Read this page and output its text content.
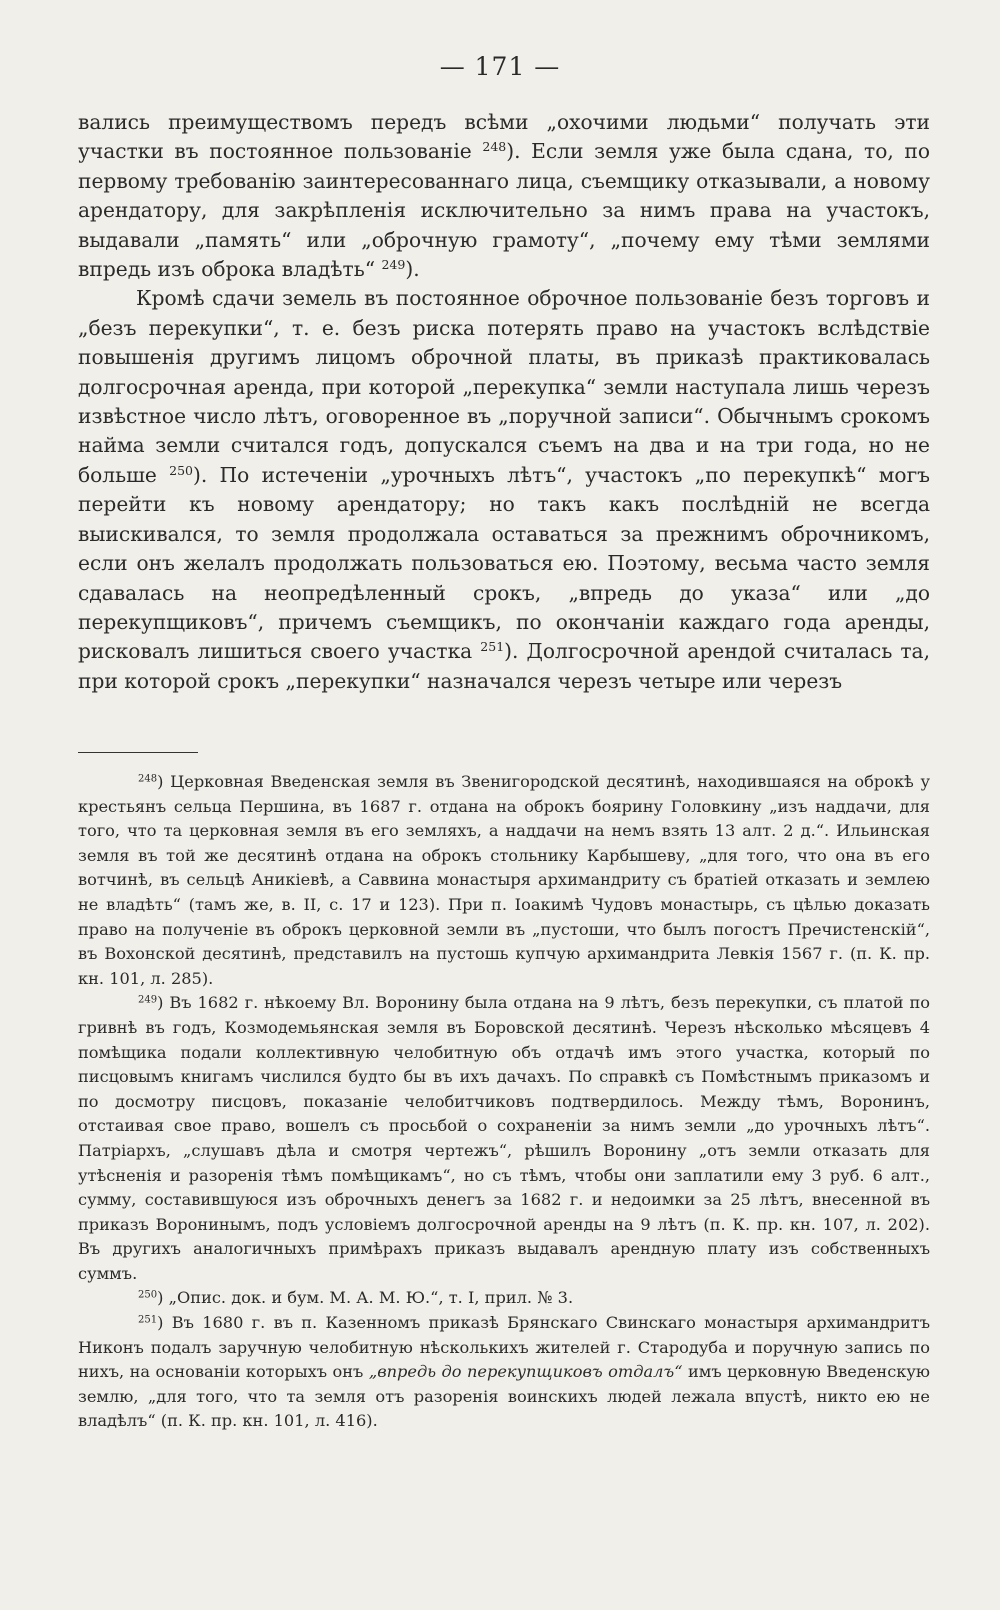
— 171 —

вались преимуществомъ передъ всѣми „охочими людьми“ получать эти участки въ постоянное пользованіе $^{248}$). Если земля уже была сдана, то, по первому требованію заинтересованнаго лица, съемщику отказывали, а новому арендатору, для закрѣпленія исключительно за нимъ права на участокъ, выдавали „память“ или „оброчную грамоту“, „почему ему тѣми землями впредь изъ оброка владѣть“ $^{249}$).

Кромѣ сдачи земель въ постоянное оброчное пользованіе безъ торговъ и „безъ перекупки“, т. е. безъ риска потерять право на участокъ вслѣдствіе повышенія другимъ лицомъ оброчной платы, въ приказѣ практиковалась долгосрочная аренда, при которой „перекупка“ земли наступала лишь черезъ извѣстное число лѣтъ, оговоренное въ „поручной записи“. Обычнымъ срокомъ найма земли считался годъ, допускался съемъ на два и на три года, но не больше $^{250}$). По истеченіи „урочныхъ лѣтъ“, участокъ „по перекупкѣ“ могъ перейти къ новому арендатору; но такъ какъ послѣдній не всегда выискивался, то земля продолжала оставаться за прежнимъ оброчникомъ, если онъ желалъ продолжать пользоваться ею. Поэтому, весьма часто земля сдавалась на неопредѣленный срокъ, „впредь до указа“ или „до перекупщиковъ“, причемъ съемщикъ, по окончаніи каждаго года аренды, рисковалъ лишиться своего участка $^{251}$). Долгосрочной арендой считалась та, при которой срокъ „перекупки“ назначался черезъ четыре или черезъ

$^{248}$) Церковная Введенская земля въ Звенигородской десятинѣ, находившаяся на оброкѣ у крестьянъ сельца Першина, въ 1687 г. отдана на оброкъ боярину Головкину „изъ наддачи, для того, что та церковная земля въ его земляхъ, а наддачи на немъ взять 13 алт. 2 д.“. Ильинская земля въ той же десятинѣ отдана на оброкъ стольнику Карбышеву, „для того, что она въ его вотчинѣ, въ сельцѣ Аникіевѣ, а Саввина монастыря архимандриту съ братіей отказать и землею не владѣть“ (тамъ же, в. II, с. 17 и 123). При п. Іоакимѣ Чудовъ монастырь, съ цѣлью доказать право на полученіе въ оброкъ церковной земли въ „пустоши, что былъ погостъ Пречистенскій“, въ Вохонской десятинѣ, представилъ на пустошь купчую архимандрита Левкія 1567 г. (п. К. пр. кн. 101, л. 285).

$^{249}$) Въ 1682 г. нѣкоему Вл. Воронину была отдана на 9 лѣтъ, безъ перекупки, съ платой по гривнѣ въ годъ, Козмодемьянская земля въ Боровской десятинѣ. Черезъ нѣсколько мѣсяцевъ 4 помѣщика подали коллективную челобитную объ отдачѣ имъ этого участка, который по писцовымъ книгамъ числился будто бы въ ихъ дачахъ. По справкѣ съ Помѣстнымъ приказомъ и по досмотру писцовъ, показаніе челобитчиковъ подтвердилось. Между тѣмъ, Воронинъ, отстаивая свое право, вошелъ съ просьбой о сохраненіи за нимъ земли „до урочныхъ лѣтъ“. Патріархъ, „слушавъ дѣла и смотря чертежъ“, рѣшилъ Воронину „отъ земли отказать для утѣсненія и разоренія тѣмъ помѣщикамъ“, но съ тѣмъ, чтобы они заплатили ему 3 руб. 6 алт., сумму, составившуюся изъ оброчныхъ денегъ за 1682 г. и недоимки за 25 лѣтъ, внесенной въ приказъ Воронинымъ, подъ условіемъ долгосрочной аренды на 9 лѣтъ (п. К. пр. кн. 107, л. 202). Въ другихъ аналогичныхъ примѣрахъ приказъ выдавалъ арендную плату изъ собственныхъ суммъ.

$^{250}$) „Опис. док. и бум. М. А. М. Ю.“, т. I, прил. № 3.

$^{251}$) Въ 1680 г. въ п. Казенномъ приказѣ Брянскаго Свинскаго монастыря архимандритъ Никонъ подалъ заручную челобитную нѣсколькихъ жителей г. Стародуба и поручную запись по нихъ, на основаніи которыхъ онъ „впредь до перекупщиковъ отдалъ“ имъ церковную Введенскую землю, „для того, что та земля отъ разоренія воинскихъ людей лежала впустѣ, никто ею не владѣлъ“ (п. К. пр. кн. 101, л. 416).
